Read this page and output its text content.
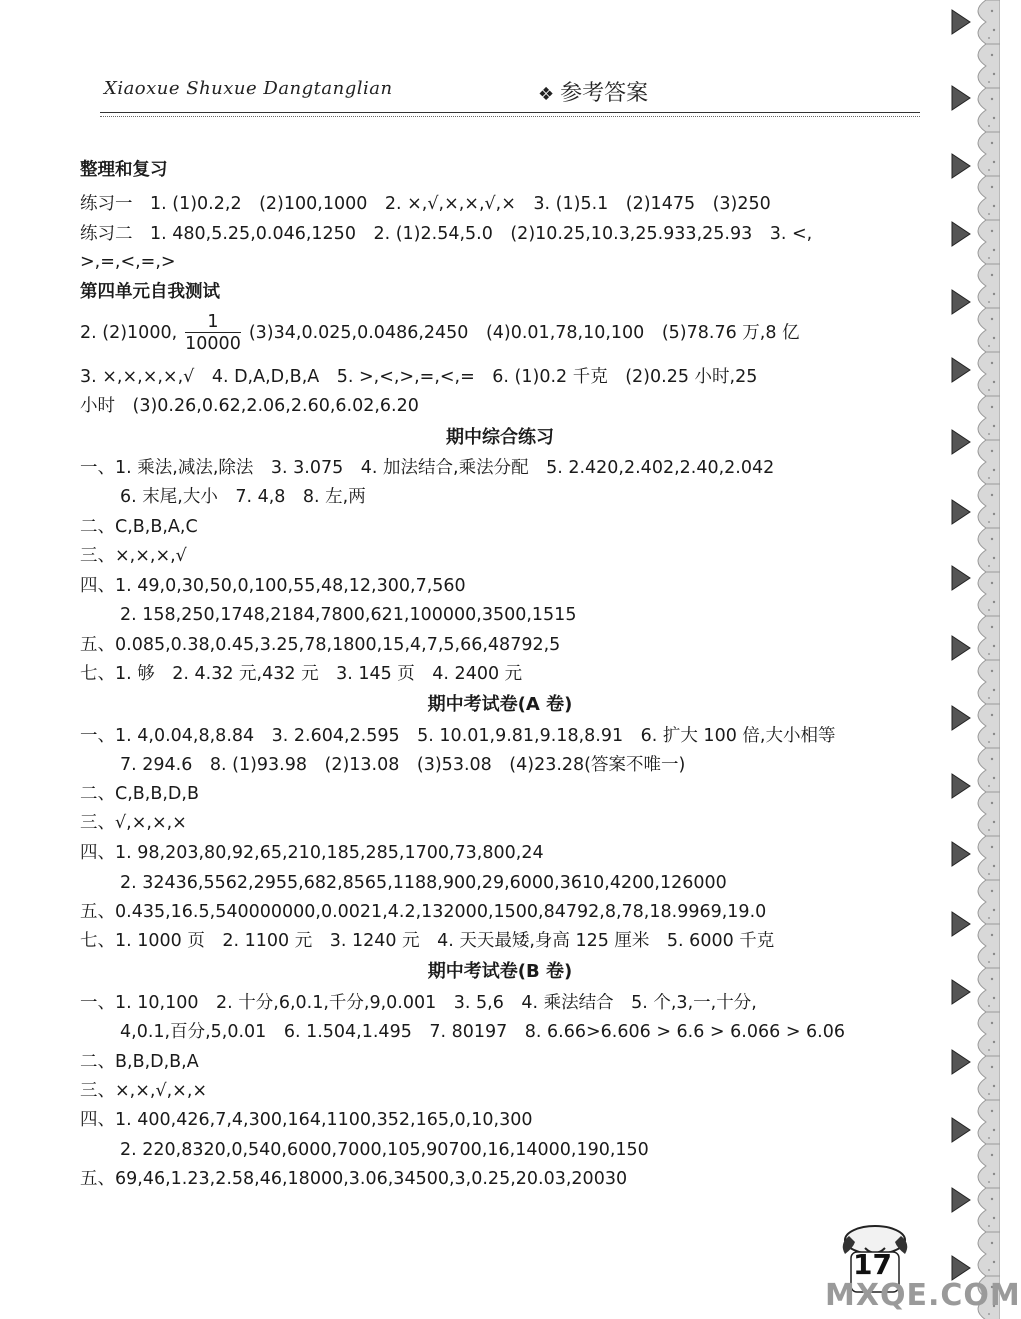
Xiaoxue Shuxue Dangtanglian	❖ 参考答案
整理和复习
练习一　1. (1)0.2,2　(2)100,1000　2. ×,√,×,×,√,×　3. (1)5.1　(2)1475　(3)250
练习二　1. 480,5.25,0.046,1250　2. (1)2.54,5.0　(2)10.25,10.3,25.933,25.93　3. <,
>,=,<,=,>
第四单元自我测试
2. (2)1000, $\frac{1}{10000} (3)34,0.025,0.0486,2450$　(4)0.01,78,10,100　(5)78.76 万,8 亿
3. ×,×,×,×,√　4. D,A,D,B,A　5. >,<,>,=,<,=　6. (1)0.2 千克　(2)0.25 小时,25
小时　(3)0.26,0.62,2.06,2.60,6.02,6.20
期中综合练习
一、1. 乘法,减法,除法　3. 3.075　4. 加法结合,乘法分配　5. 2.420,2.402,2.40,2.042
6. 末尾,大小　7. 4,8　8. 左,两
二、C,B,B,A,C
三、×,×,×,√
四、1. 49,0,30,50,0,100,55,48,12,300,7,560
2. 158,250,1748,2184,7800,621,100000,3500,1515
五、0.085,0.38,0.45,3.25,78,1800,15,4,7,5,66,48792,5
七、1. 够　2. 4.32 元,432 元　3. 145 页　4. 2400 元
期中考试卷(A 卷)
一、1. 4,0.04,8,8.84　3. 2.604,2.595　5. 10.01,9.81,9.18,8.91　6. 扩大 100 倍,大小相等
7. 294.6　8. (1)93.98　(2)13.08　(3)53.08　(4)23.28(答案不唯一)
二、C,B,B,D,B
三、√,×,×,×
四、1. 98,203,80,92,65,210,185,285,1700,73,800,24
2. 32436,5562,2955,682,8565,1188,900,29,6000,3610,4200,126000
五、0.435,16.5,540000000,0.0021,4.2,132000,1500,84792,8,78,18.9969,19.0
七、1. 1000 页　2. 1100 元　3. 1240 元　4. 天天最矮,身高 125 厘米　5. 6000 千克
期中考试卷(B 卷)
一、1. 10,100　2. 十分,6,0.1,千分,9,0.001　3. 5,6　4. 乘法结合　5. 个,3,一,十分,
4,0.1,百分,5,0.01　6. 1.504,1.495　7. 80197　8. 6.66>6.606 > 6.6 > 6.066 > 6.06
二、B,B,D,B,A
三、×,×,√,×,×
四、1. 400,426,7,4,300,164,1100,352,165,0,10,300
2. 220,8320,0,540,6000,7000,105,90700,16,14000,190,150
五、69,46,1.23,2.58,46,18000,3.06,34500,3,0.25,20.03,20030
17
MXQE.COM
